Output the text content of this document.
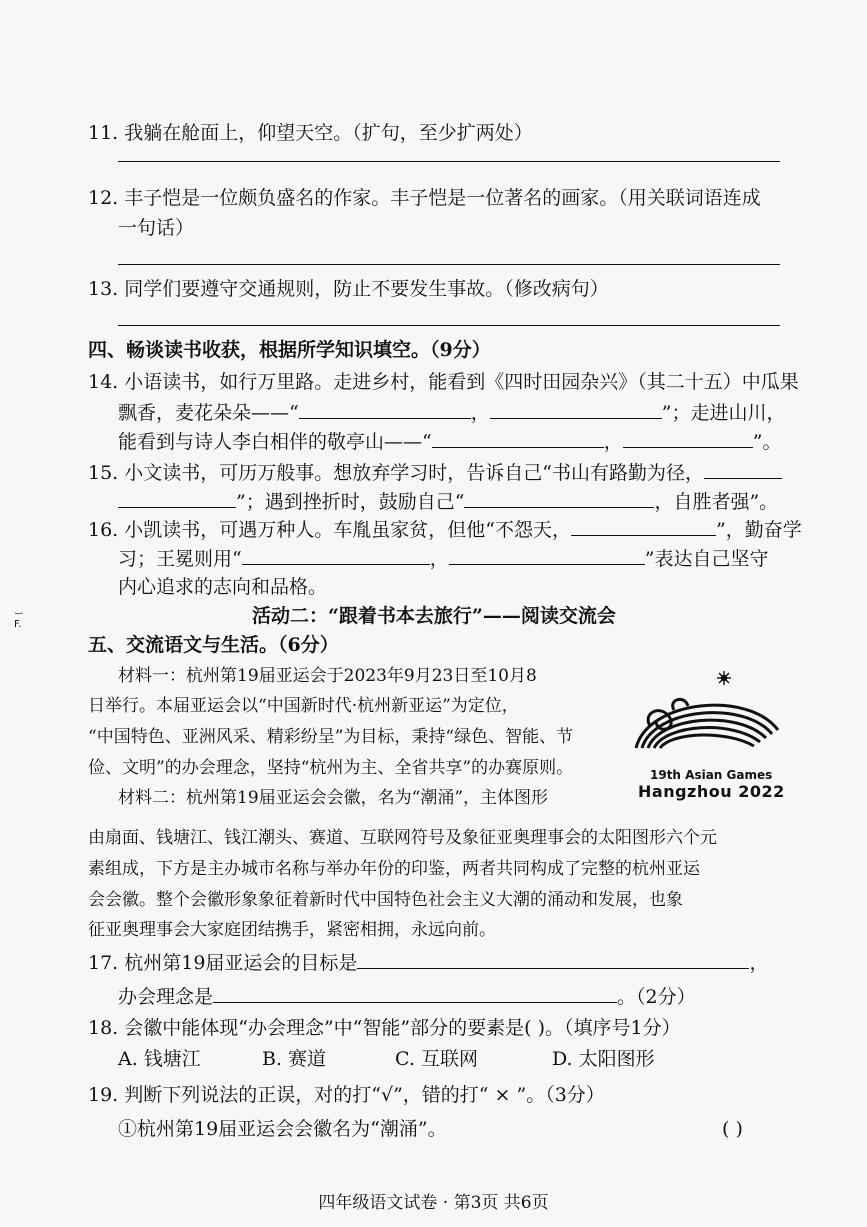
11. 我躺在舱面上，仰望天空。（扩句，至少扩两处）
12. 丰子恺是一位颇负盛名的作家。丰子恺是一位著名的画家。（用关联词语连成
一句话）
13. 同学们要遵守交通规则，防止不要发生事故。（修改病句）
四、畅谈读书收获，根据所学知识填空。（9分）
14. 小语读书，如行万里路。走进乡村，能看到《四时田园杂兴》（其二十五）中瓜果
飘香，麦花朵朵——“	，	”；走进山川，
能看到与诗人李白相伴的敬亭山——“	，	”。
15. 小文读书，可历万般事。想放弃学习时，告诉自己“书山有路勤为径，
”；遇到挫折时，鼓励自己“	，自胜者强”。
16. 小凯读书，可遇万种人。车胤虽家贫，但他“不怨天，	”，勤奋学
习；王冕则用“	，	”表达自己坚守
内心追求的志向和品格。
活动二：“跟着书本去旅行”——阅读交流会
ー
F.
五、交流语文与生活。（6分）
材料一：杭州第19届亚运会于2023年9月23日至10月8
日举行。本届亚运会以“中国新时代·杭州新亚运”为定位，
“中国特色、亚洲风采、精彩纷呈”为目标，秉持“绿色、智能、节
俭、文明”的办会理念，坚持“杭州为主、全省共享”的办赛原则。	19th Asian Games
Hangzhou 2022
材料二：杭州第19届亚运会会徽，名为“潮涌”，主体图形
由扇面、钱塘江、钱江潮头、赛道、互联网符号及象征亚奥理事会的太阳图形六个元
素组成，下方是主办城市名称与举办年份的印鉴，两者共同构成了完整的杭州亚运
会会徽。整个会徽形象象征着新时代中国特色社会主义大潮的涌动和发展，也象
征亚奥理事会大家庭团结携手，紧密相拥，永远向前。
17. 杭州第19届亚运会的目标是	，
办会理念是	。（2分）
18. 会徽中能体现“办会理念”中“智能”部分的要素是( )。（填序号1分）
A. 钱塘江	B. 赛道	C. 互联网	D. 太阳图形
19. 判断下列说法的正误，对的打“√”，错的打“ × ”。（3分）
①杭州第19届亚运会会徽名为“潮涌”。	( )
四年级语文试卷 · 第3页 共6页
